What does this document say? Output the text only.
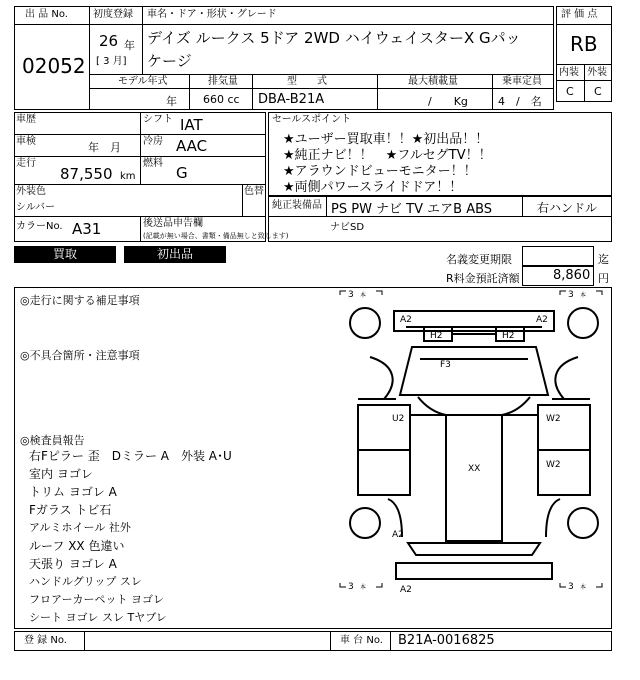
出 品 No.
02052
初度登録 車名・ドア・形状・グレード
26 年
[ 3 月]
デイズ ルークス 5ドア 2WD ハイウェイスターX Gパッ
ケージ
モデル年式	排気量	型　　式	最大積載量	乗車定員
年 660 cc DBA-B21A	/　　Kg	4　/　名
評 価 点
RB
内装 外装
C C
車歴	シフト IAT
車検	年　月 冷房 AAC
走行
87,550 km
燃料
G
外装色
シルバー
色替
カラーNo. A31	後送品申告欄
(記載が無い場合、書類・備品無しと致します)
セールスポイント
★ユーザー買取車！！★初出品！！
★純正ナビ！！　★フルセグTV！！
★アラウンドビューモニター！！
★両側パワースライドドア！！
純正装備品 PS PW ナビ TV エアB ABS	右ハンドル
ナビSD
買取	初出品	名義変更期限	迄
R料金預託済額	8,860 円
◎走行に関する補足事項
◎不具合箇所・注意事項
◎検査員報告
右Fピラー 歪　Dミラー A　外装 A･U
室内 ヨゴレ
トリム ヨゴレ A
Fガラス トビ石
アルミホイール 社外
ルーフ XX 色違い
天張り ヨゴレ A
ハンドルグリップ スレ
フロアーカーペット ヨゴレ
シート ヨゴレ スレ Tヤブレ
3 本	3 本
3 本	3 本
A2	A2
H2	H2
F3
U2	W2
W2
XX
A2
A2
登 録 No.	車 台 No. B21A-0016825
